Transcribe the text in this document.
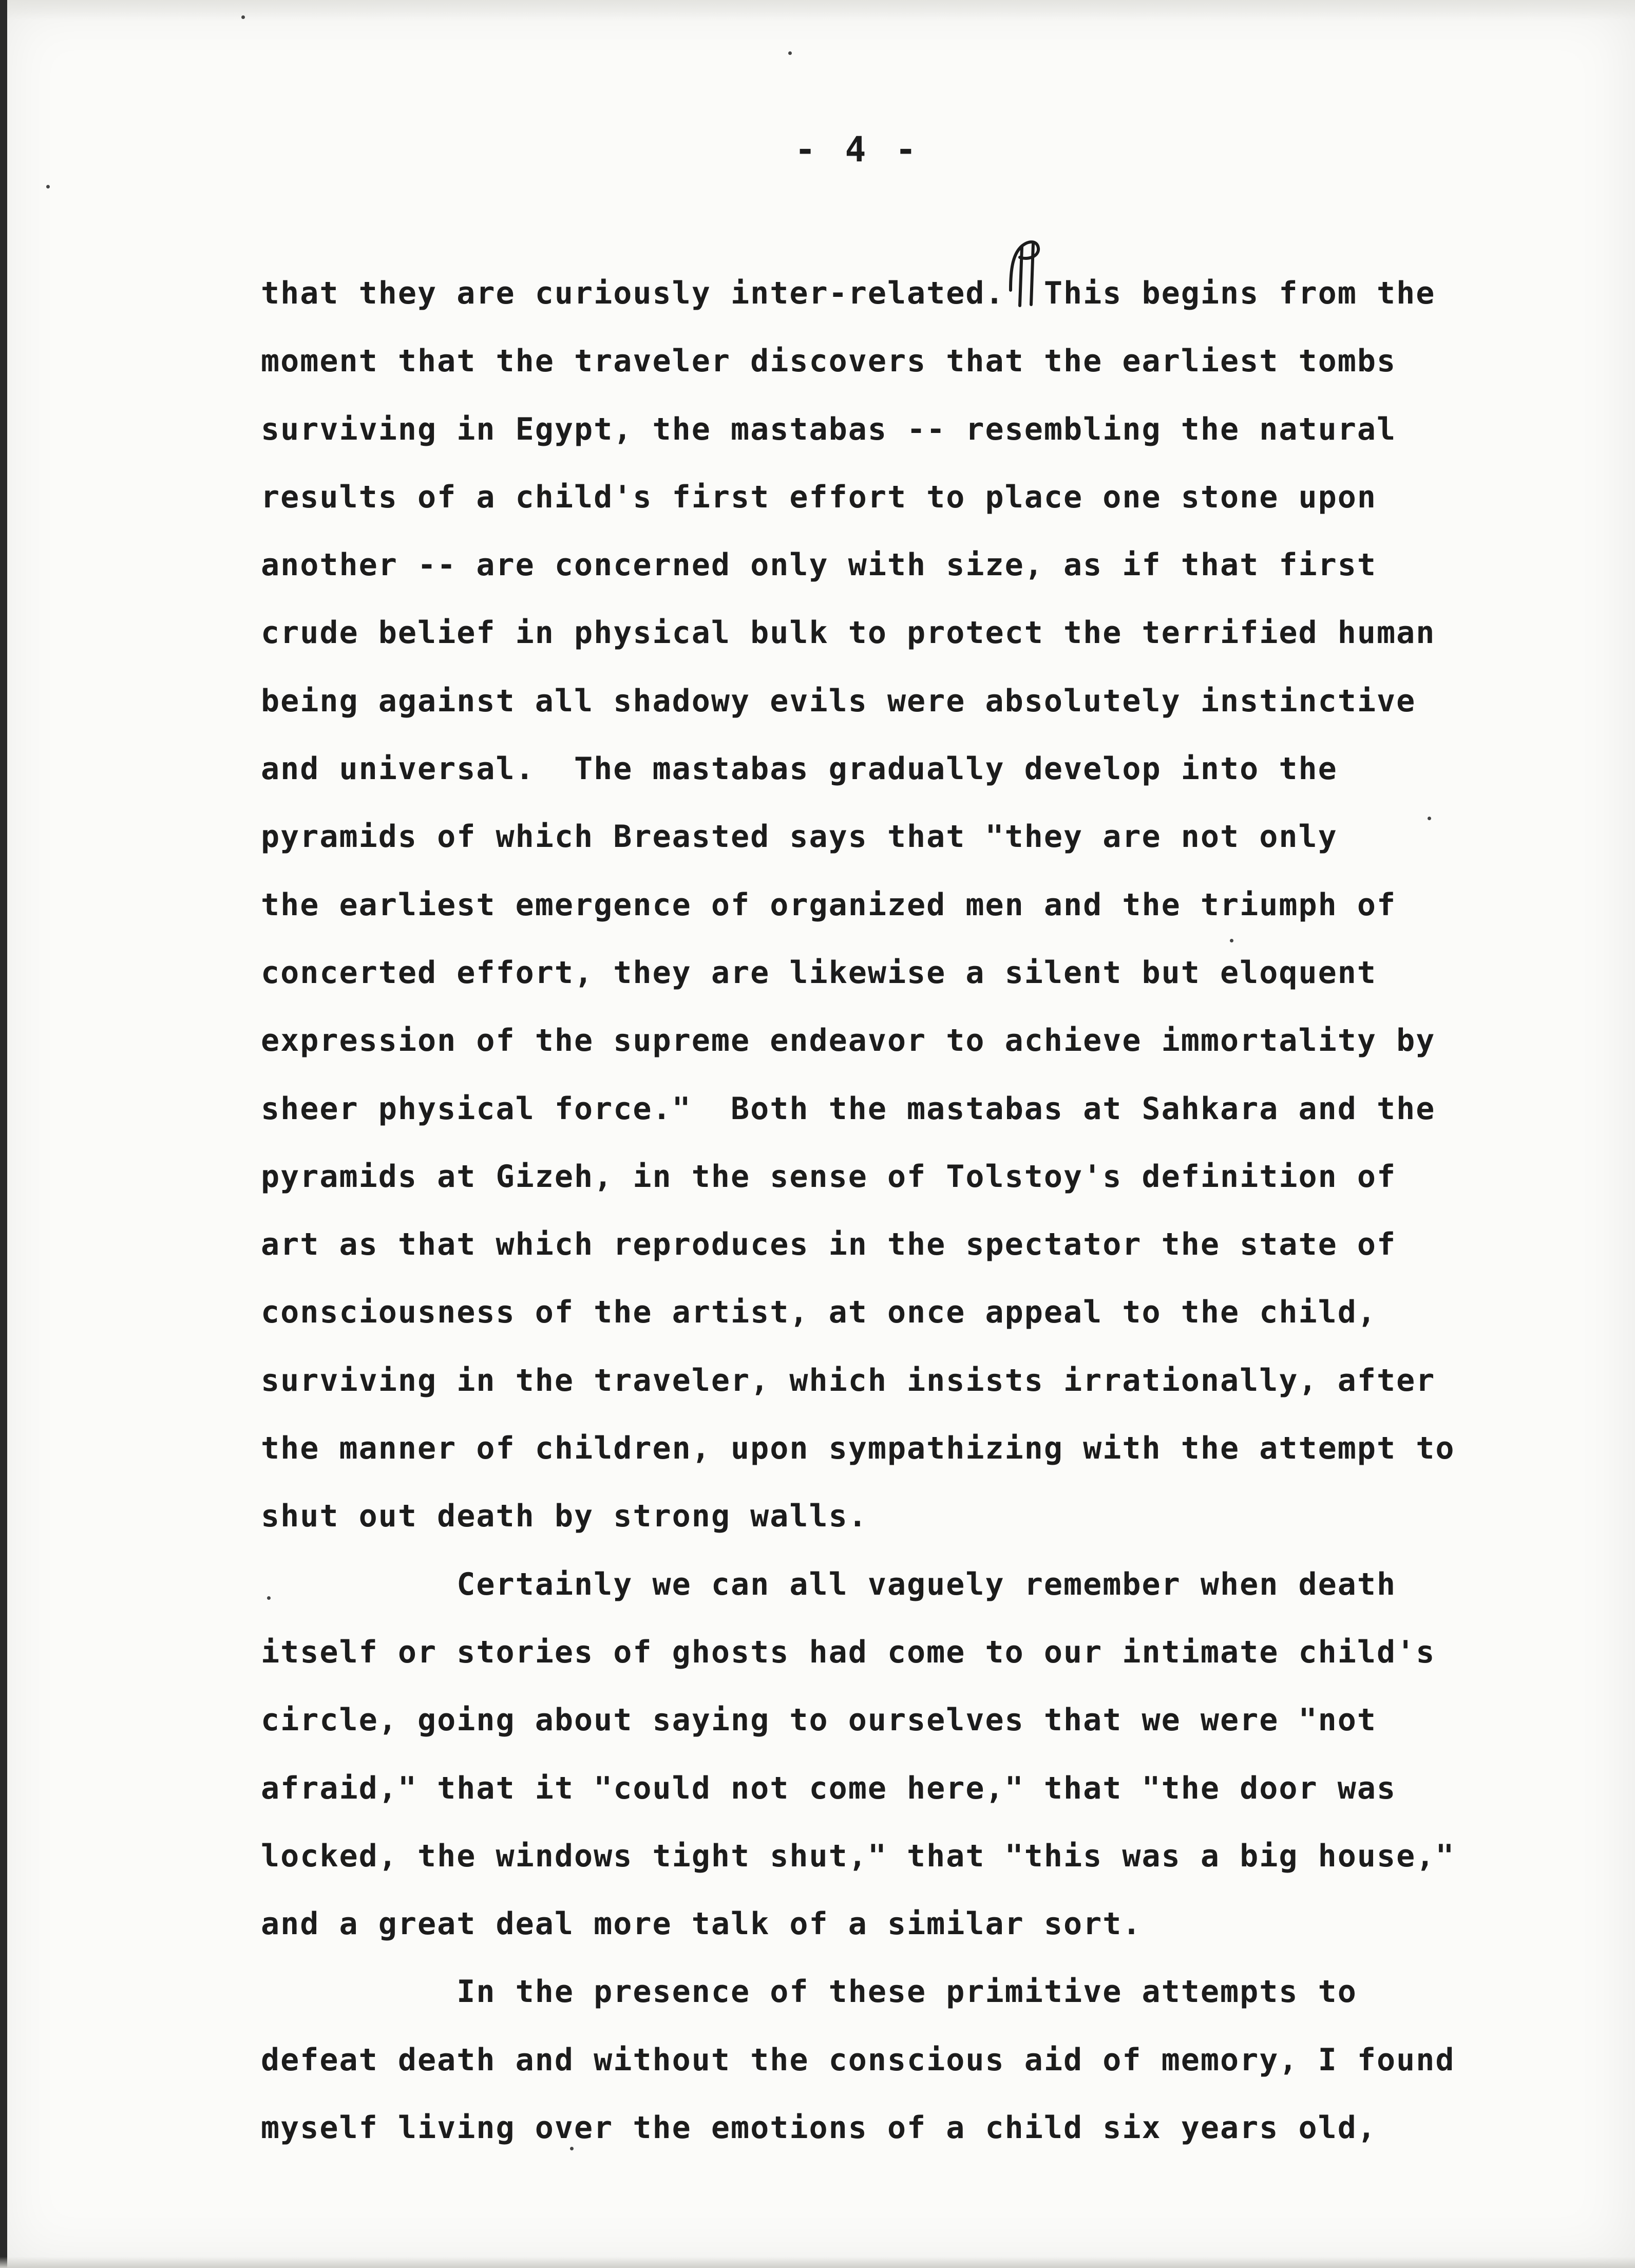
- 4 -
that they are curiously inter-related.  This begins from the
moment that the traveler discovers that the earliest tombs
surviving in Egypt, the mastabas -- resembling the natural
results of a child's first effort to place one stone upon
another -- are concerned only with size, as if that first
crude belief in physical bulk to protect the terrified human
being against all shadowy evils were absolutely instinctive
and universal.  The mastabas gradually develop into the
pyramids of which Breasted says that "they are not only
the earliest emergence of organized men and the triumph of
concerted effort, they are likewise a silent but eloquent
expression of the supreme endeavor to achieve immortality by
sheer physical force."  Both the mastabas at Sahkara and the
pyramids at Gizeh, in the sense of Tolstoy's definition of
art as that which reproduces in the spectator the state of
consciousness of the artist, at once appeal to the child,
surviving in the traveler, which insists irrationally, after
the manner of children, upon sympathizing with the attempt to
shut out death by strong walls.
Certainly we can all vaguely remember when death
itself or stories of ghosts had come to our intimate child's
circle, going about saying to ourselves that we were "not
afraid," that it "could not come here," that "the door was
locked, the windows tight shut," that "this was a big house,"
and a great deal more talk of a similar sort.
In the presence of these primitive attempts to
defeat death and without the conscious aid of memory, I found
myself living over the emotions of a child six years old,
